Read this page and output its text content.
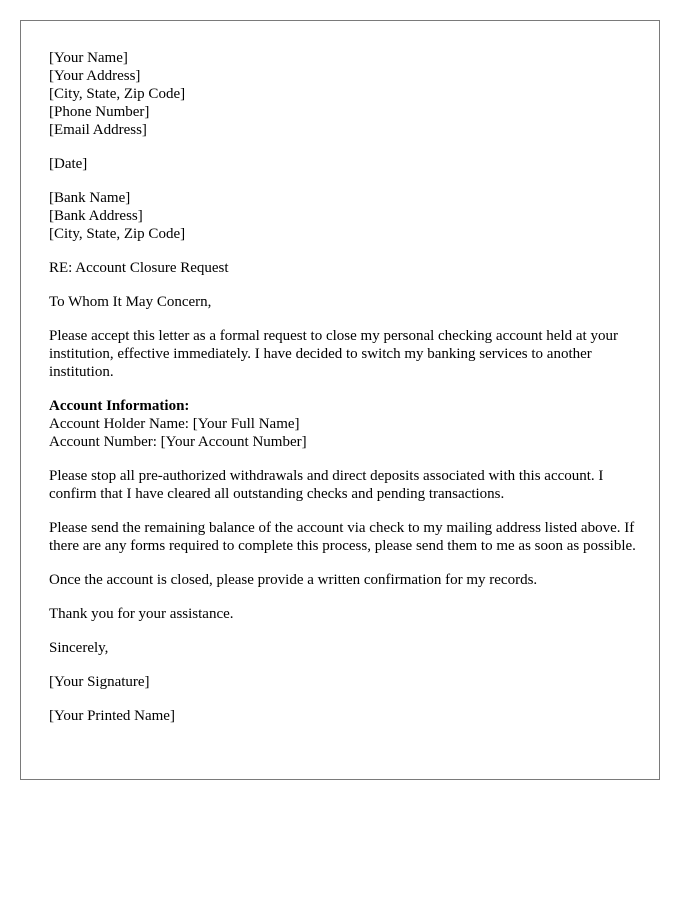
[Your Name]
[Your Address]
[City, State, Zip Code]
[Phone Number]
[Email Address]
[Date]
[Bank Name]
[Bank Address]
[City, State, Zip Code]
RE: Account Closure Request
To Whom It May Concern,
Please accept this letter as a formal request to close my personal checking account held at your institution, effective immediately. I have decided to switch my banking services to another institution.
Account Information:
Account Holder Name: [Your Full Name]
Account Number: [Your Account Number]
Please stop all pre-authorized withdrawals and direct deposits associated with this account. I confirm that I have cleared all outstanding checks and pending transactions.
Please send the remaining balance of the account via check to my mailing address listed above. If there are any forms required to complete this process, please send them to me as soon as possible.
Once the account is closed, please provide a written confirmation for my records.
Thank you for your assistance.
Sincerely,
[Your Signature]
[Your Printed Name]
